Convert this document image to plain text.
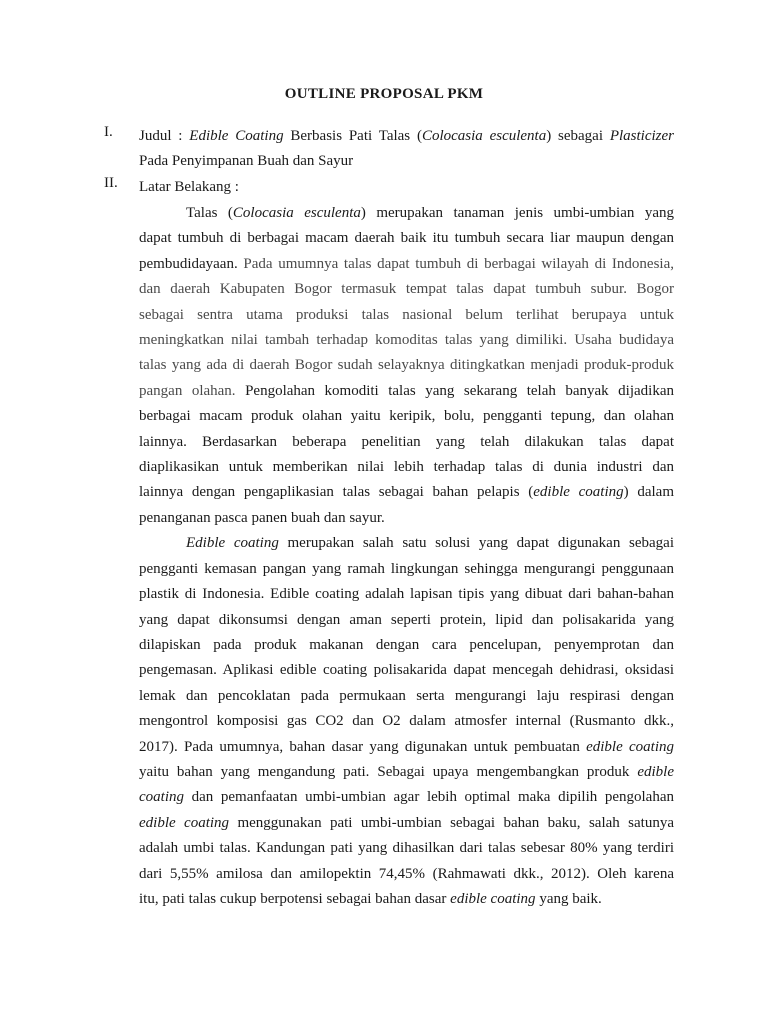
OUTLINE PROPOSAL PKM
I. Judul : Edible Coating Berbasis Pati Talas (Colocasia esculenta) sebagai Plasticizer
Pada Penyimpanan Buah dan Sayur
II. Latar Belakang :
Talas (Colocasia esculenta) merupakan tanaman jenis umbi-umbian yang
dapat tumbuh di berbagai macam daerah baik itu tumbuh secara liar maupun dengan
pembudidayaan. Pada umumnya talas dapat tumbuh di berbagai wilayah di Indonesia,
dan daerah Kabupaten Bogor termasuk tempat talas dapat tumbuh subur. Bogor
sebagai sentra utama produksi talas nasional belum terlihat berupaya untuk
meningkatkan nilai tambah terhadap komoditas talas yang dimiliki. Usaha budidaya
talas yang ada di daerah Bogor sudah selayaknya ditingkatkan menjadi produk-produk
pangan olahan. Pengolahan komoditi talas yang sekarang telah banyak dijadikan
berbagai macam produk olahan yaitu keripik, bolu, pengganti tepung, dan olahan
lainnya. Berdasarkan beberapa penelitian yang telah dilakukan talas dapat
diaplikasikan untuk memberikan nilai lebih terhadap talas di dunia industri dan
lainnya dengan pengaplikasian talas sebagai bahan pelapis (edible coating) dalam
penanganan pasca panen buah dan sayur.
Edible coating merupakan salah satu solusi yang dapat digunakan sebagai
pengganti kemasan pangan yang ramah lingkungan sehingga mengurangi penggunaan
plastik di Indonesia. Edible coating adalah lapisan tipis yang dibuat dari bahan-bahan
yang dapat dikonsumsi dengan aman seperti protein, lipid dan polisakarida yang
dilapiskan pada produk makanan dengan cara pencelupan, penyemprotan dan
pengemasan. Aplikasi edible coating polisakarida dapat mencegah dehidrasi, oksidasi
lemak dan pencoklatan pada permukaan serta mengurangi laju respirasi dengan
mengontrol komposisi gas CO2 dan O2 dalam atmosfer internal (Rusmanto dkk.,
2017). Pada umumnya, bahan dasar yang digunakan untuk pembuatan edible coating
yaitu bahan yang mengandung pati. Sebagai upaya mengembangkan produk edible
coating dan pemanfaatan umbi-umbian agar lebih optimal maka dipilih pengolahan
edible coating menggunakan pati umbi-umbian sebagai bahan baku, salah satunya
adalah umbi talas. Kandungan pati yang dihasilkan dari talas sebesar 80% yang terdiri
dari 5,55% amilosa dan amilopektin 74,45% (Rahmawati dkk., 2012). Oleh karena
itu, pati talas cukup berpotensi sebagai bahan dasar edible coating yang baik.
